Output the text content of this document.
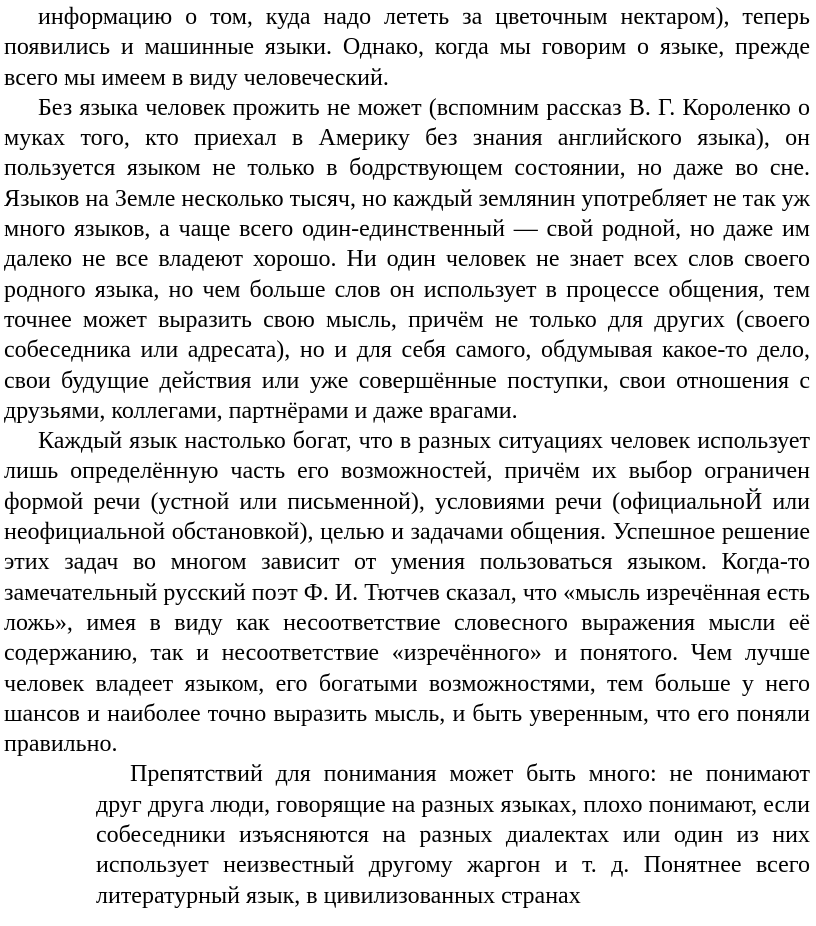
информацию о том, куда надо лететь за цветочным нектаром), теперь появились и машинные языки. Однако, когда мы говорим о языке, прежде всего мы имеем в виду человеческий.

Без языка человек прожить не может (вспомним рассказ В. Г. Короленко о муках того, кто приехал в Америку без знания английского языка), он пользуется языком не только в бодрствующем состоянии, но даже во сне. Языков на Земле несколько тысяч, но каждый землянин употребляет не так уж много языков, а чаще всего один-единственный — свой родной, но даже им далеко не все владеют хорошо. Ни один человек не знает всех слов своего родного языка, но чем больше слов он использует в процессе общения, тем точнее может выразить свою мысль, причём не только для других (своего собеседника или адресата), но и для себя самого, обдумывая какое-то дело, свои будущие действия или уже совершённые поступки, свои отношения с друзьями, коллегами, партнёрами и даже врагами.

Каждый язык настолько богат, что в разных ситуациях человек использует лишь определённую часть его возможностей, причём их выбор ограничен формой речи (устной или письменной), условиями речи (официальноЙ или неофициальной обстановкой), целью и задачами общения. Успешное решение этих задач во многом зависит от умения пользоваться языком. Когда-то замечательный русский поэт Ф. И. Тютчев сказал, что «мысль изречённая есть ложь», имея в виду как несоответствие словесного выражения мысли её содержанию, так и несоответствие «изречённого» и понятого. Чем лучше человек владеет языком, его богатыми возможностями, тем больше у него шансов и наиболее точно выразить мысль, и быть уверенным, что его поняли правильно.

Препятствий для понимания может быть много: не понимают друг друга люди, говорящие на разных языках, плохо понимают, если собеседники изъясняются на разных диалектах или один из них использует неизвестный другому жаргон и т. д. Понятнее всего литературный язык, в цивилизованных странах
